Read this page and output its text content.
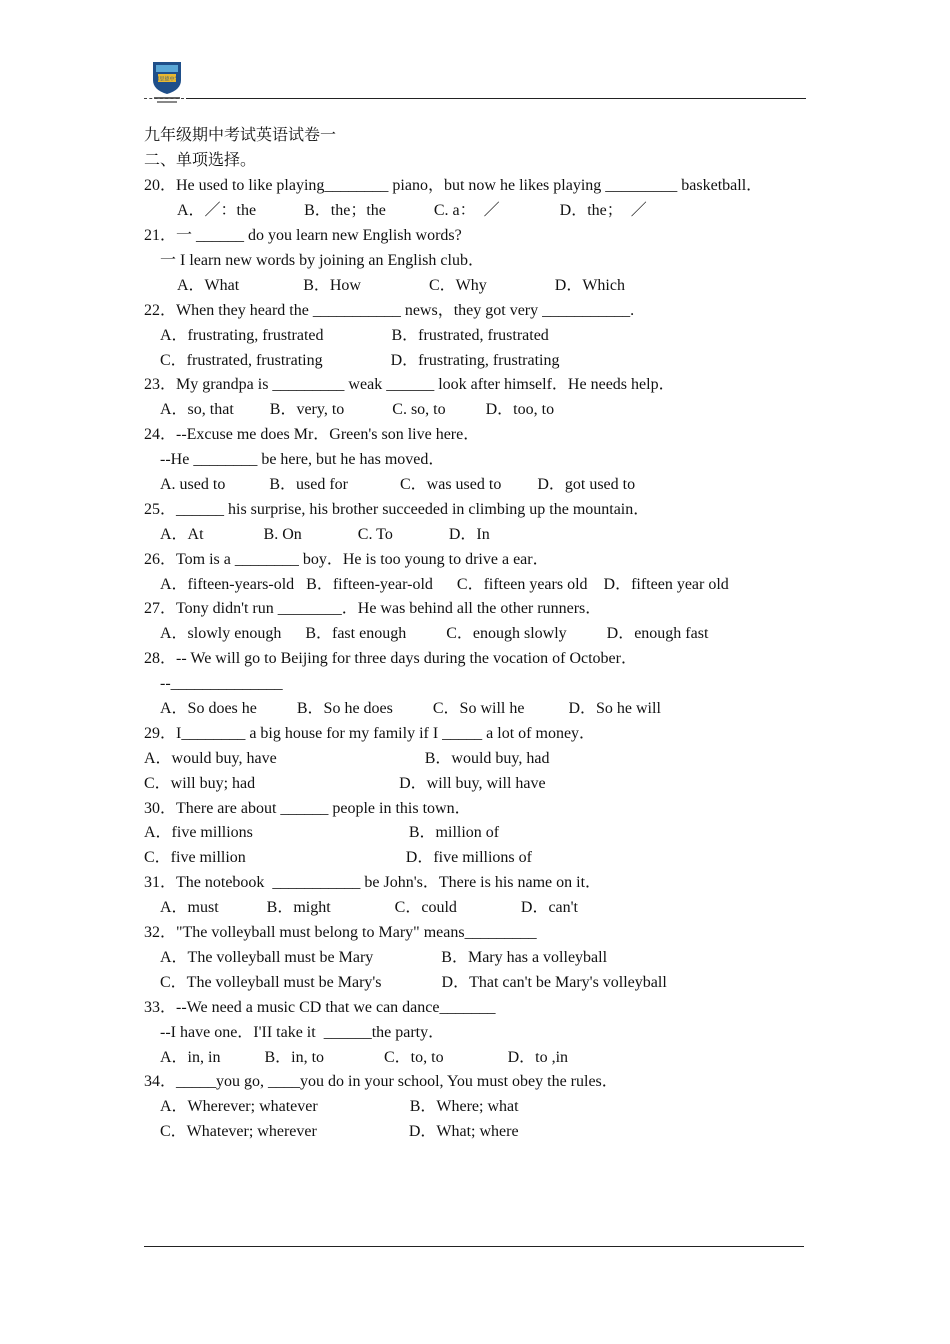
博思德中学
九年级期中考试英语试卷一
二、单项选择。
20．He used to like playing________ piano，but now he likes playing _________ basketball．
A．／：the            B．the；the            C. a：  ／               D．the；  ／
21．一 ______ do you learn new English words?
一 I learn new words by joining an English club．
A．What                B．How                 C．Why                 D．Which
22．When they heard the ___________ news，they got very ___________.
A．frustrating, frustrated                 B．frustrated, frustrated
C．frustrated, frustrating                 D．frustrating, frustrating
23．My grandpa is _________ weak ______ look after himself．He needs help．
A．so, that         B．very, to            C. so, to          D．too, to
24．--Excuse me does Mr．Green's son live here．
--He ________ be here, but he has moved．
A. used to           B．used for             C．was used to         D．got used to
25．______ his surprise, his brother succeeded in climbing up the mountain．
A．At               B. On              C. To              D．In
26．Tom is a ________ boy．He is too young to drive a ear．
A．fifteen-years-old   B．fifteen-year-old      C．fifteen years old    D．fifteen year old
27．Tony didn't run ________．He was behind all the other runners．
A．slowly enough      B．fast enough          C．enough slowly          D．enough fast
28．-- We will go to Beijing for three days during the vocation of October．
--______________
A．So does he          B．So he does          C．So will he           D．So he will
29．I________ a big house for my family if I _____ a lot of money．
A．would buy, have                                     B．would buy, had
C．will buy; had                                    D．will buy, will have
30．There are about ______ people in this town．
A．five millions                                       B．million of
C．five million                                        D．five millions of
31．The notebook  ___________ be John's．There is his name on it．
A．must            B．might                C．could                D．can't
32．"The volleyball must belong to Mary" means_________
A．The volleyball must be Mary                 B．Mary has a volleyball
C．The volleyball must be Mary's               D．That can't be Mary's volleyball
33．--We need a music CD that we can dance_______
--I have one．I'II take it  ______the party．
A．in, in           B．in, to               C．to, to                D．to ,in
34．_____you go, ____you do in your school, You must obey the rules．
A．Wherever; whatever                       B．Where; what
C．Whatever; wherever                       D．What; where
